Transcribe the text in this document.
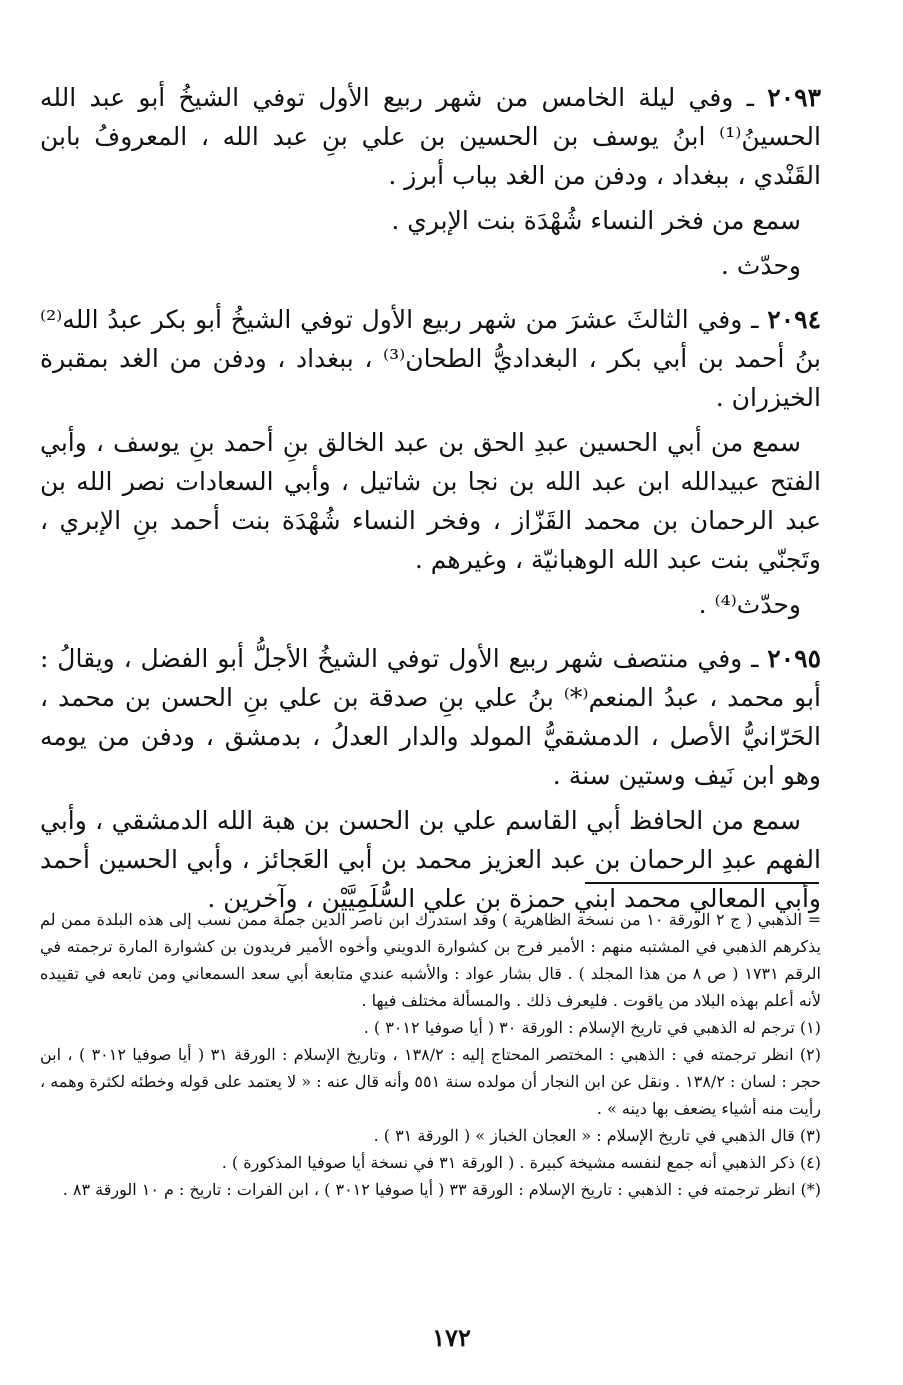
٢٠٩٣ ـ وفي ليلة الخامس من شهر ربيع الأول توفي الشيخُ أبو عبد الله الحسينُ⁽¹⁾ ابنُ يوسف بن الحسين بن علي بنِ عبد الله ، المعروفُ بابن القَنْدي ، ببغداد ، ودفن من الغد بباب أبرز .

سمع من فخر النساء شُهْدَة بنت الإبري .

وحدّث .

٢٠٩٤ ـ وفي الثالثَ عشرَ من شهر ربيع الأول توفي الشيخُ أبو بكر عبدُ الله⁽²⁾ بنُ أحمد بن أبي بكر ، البغداديُّ الطحان⁽³⁾ ، ببغداد ، ودفن من الغد بمقبرة الخيزران .

سمع من أبي الحسين عبدِ الحق بن عبد الخالق بنِ أحمد بنِ يوسف ، وأبي الفتح عبيدالله ابن عبد الله بن نجا بن شاتيل ، وأبي السعادات نصر الله بن عبد الرحمان بن محمد القَزّاز ، وفخر النساء شُهْدَة بنت أحمد بنِ الإبري ، وتَجنّي بنت عبد الله الوهبانيّة ، وغيرهم .

وحدّث⁽⁴⁾ .

٢٠٩٥ ـ وفي منتصف شهر ربيع الأول توفي الشيخُ الأجلُّ أبو الفضل ، ويقالُ : أبو محمد ، عبدُ المنعم⁽*⁾ بنُ علي بنِ صدقة بن علي بنِ الحسن بن محمد ، الحَرّانيُّ الأصل ، الدمشقيُّ المولد والدار العدلُ ، بدمشق ، ودفن من يومه وهو ابن نَيف وستين سنة .

سمع من الحافظ أبي القاسم علي بن الحسن بن هبة الله الدمشقي ، وأبي الفهم عبدِ الرحمان بن عبد العزيز محمد بن أبي العَجائز ، وأبي الحسين أحمد وأبي المعالي محمد ابني حمزة بن علي السُّلَمِيَّيْن ، وآخرين .

= الذهبي ( ج ٢ الورقة ١٠ من نسخة الظاهرية ) وقد استدرك ابن ناصر الدين جملة ممن نسب إلى هذه البلدة ممن لم يذكرهم الذهبي في المشتبه منهم : الأمير فرج بن كشوارة الدويني وأخوه الأمير فريدون بن كشوارة المارة ترجمته في الرقم ١٧٣١ ( ص ٨ من هذا المجلد ) . قال بشار عواد : والأشبه عندي متابعة أبي سعد السمعاني ومن تابعه في تقييده لأنه أعلم بهذه البلاد من ياقوت . فليعرف ذلك . والمسألة مختلف فيها .

(١) ترجم له الذهبي في تاريخ الإسلام : الورقة ٣٠ ( أيا صوفيا ٣٠١٢ ) .

(٢) انظر ترجمته في : الذهبي : المختصر المحتاج إليه : ١٣٨/٢ ، وتاريخ الإسلام : الورقة ٣١ ( أيا صوفيا ٣٠١٢ ) ، ابن حجر : لسان : ١٣٨/٢ . ونقل عن ابن النجار أن مولده سنة ٥٥١ وأنه قال عنه : « لا يعتمد على قوله وخطئه لكثرة وهمه ، رأيت منه أشياء يضعف بها دينه » .

(٣) قال الذهبي في تاريخ الإسلام : « العجان الخباز » ( الورقة ٣١ ) .

(٤) ذكر الذهبي أنه جمع لنفسه مشيخة كبيرة . ( الورقة ٣١ في نسخة أيا صوفيا المذكورة ) .

(*) انظر ترجمته في : الذهبي : تاريخ الإسلام : الورقة ٣٣ ( أيا صوفيا ٣٠١٢ ) ، ابن الفرات : تاريخ : م ١٠ الورقة ٨٣ .

١٧٢
